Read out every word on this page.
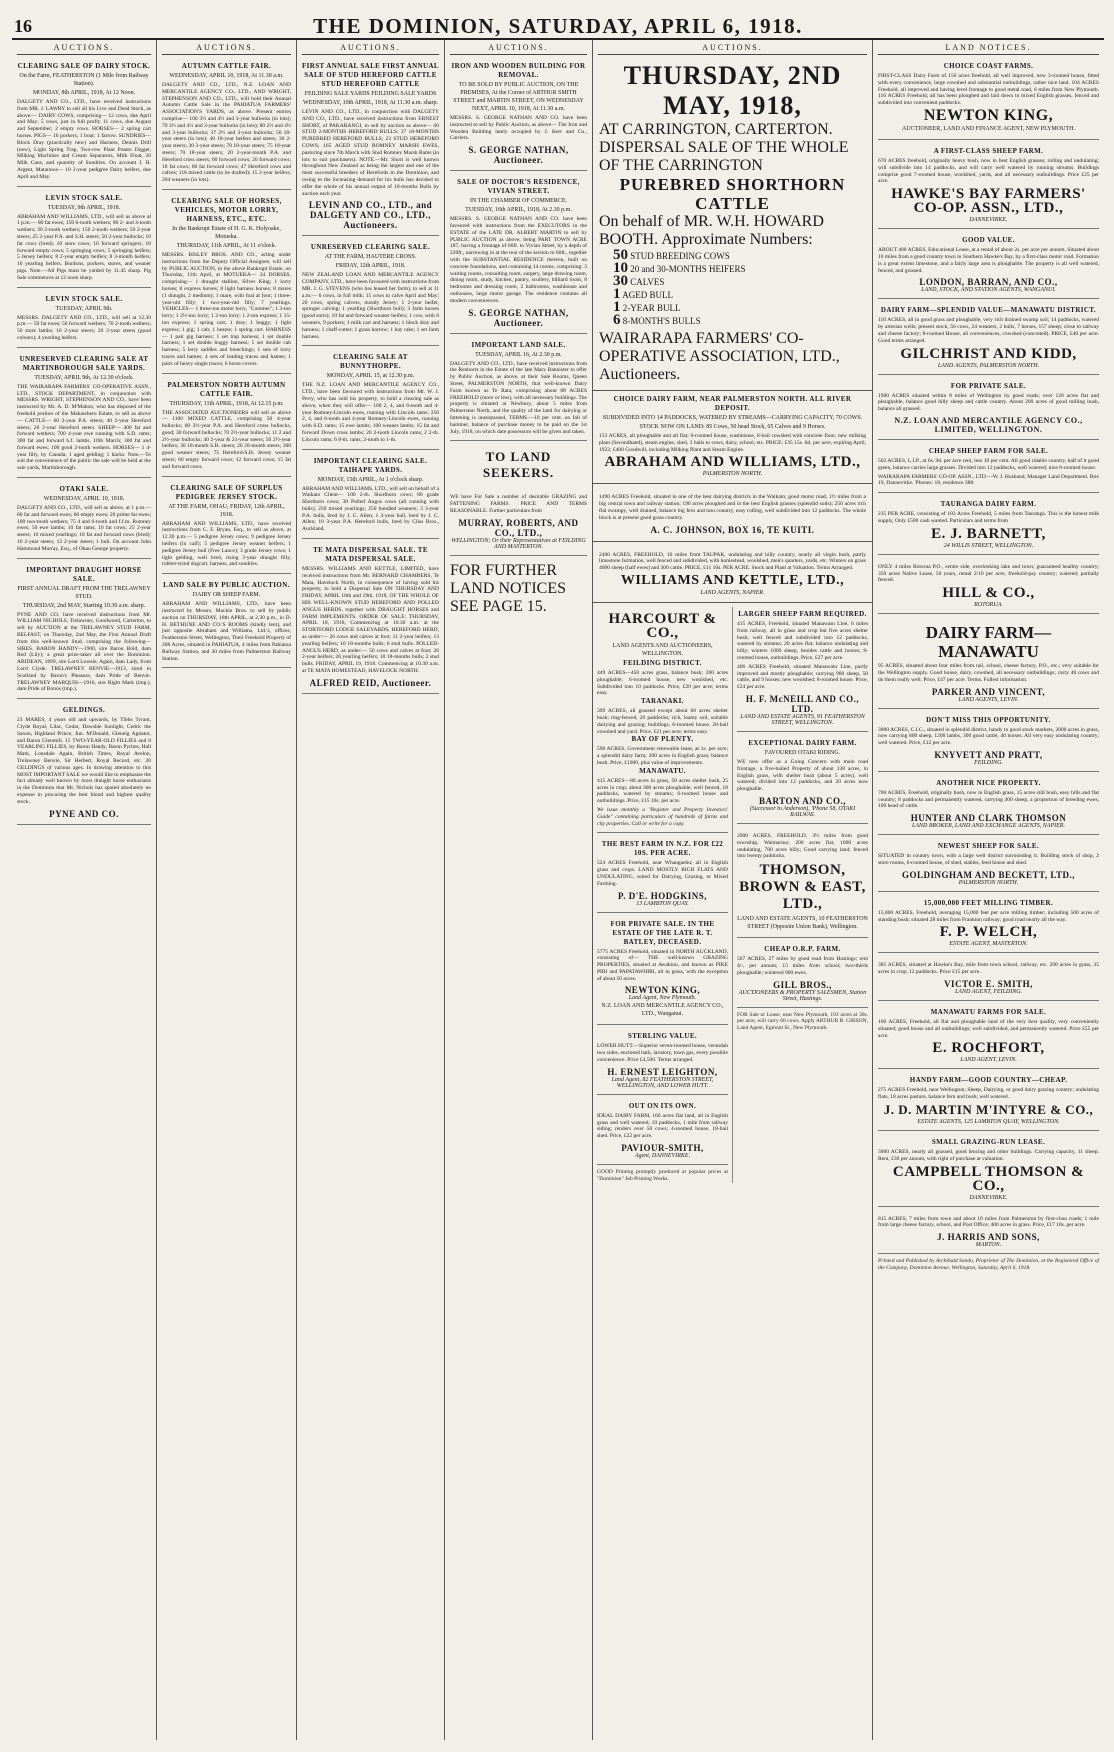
16	THE DOMINION, SATURDAY, APRIL 6, 1918.
AUCTIONS.
CLEARING SALE OF DAIRY STOCK.
On the Farm, FEATHERSTON (1 Mile from Railway Station).
MONDAY, 8th APRIL, 1918, At 12 Noon.
DALGETY AND CO., LTD., have received instructions from MR. J. LAWRY to sell all his Live and Dead Stock, as above:— DAIRY COWS, comprising— 12 cows, due April and May; 5 cows, just in full profit; 11 cows, due August and September; 2 empty cows. HORSES— 2 spring cart horses. PIGS— 16 porkers; 1 boar; 1 farrow. SUNDRIES— Block Dray (practically new) and Harness, Dennis Drill (new), Light Spring Trap, Two-row Plant Potato Digger, Milking Machines and Cream Separators, Milk Float, 20 Milk Cans, and quantity of Sundries. On account J. H. Argent, Matarawa— 10 2-year pedigree Dairy heifers, due April and May.
LEVIN STOCK SALE.
TUESDAY, 9th APRIL, 1918.
ABRAHAM AND WILLIAMS, LTD., will sell as above at 1 p.m.— 80 fat ewes; 150 6-tooth wethers; 80 2- and 4-tooth wethers; 30 2-tooth wethers; 150 2-tooth wethers; 50 2-year steers; 25 2-year P.A. and S.H. steers; 50 2-year bullocks; 10 fat cows (bred); 10 store cows; 10 forward springers; 10 forward empty cows; 5 springing cows; 5 springing heifers; 5 Jersey heifers; 8 2-year empty heifers; 8 3-month heifers; 10 yearling heifers. Bonfons, porkers, stores, and weaner pigs. Note.—All Pigs must be yarded by 11.45 sharp. Pig Sale commences at 12 noon sharp.
LEVIN STOCK SALE.
TUESDAY, APRIL 9th.
MESSRS. DALGETY AND CO., LTD., will sell at 12.30 p.m.— 50 fat ewes; 50 forward wethers; 70 2-tooth wethers; 50 store lambs; 16 2-year steers; 20 2-year steers (good colours); 4 yearling heifers.
UNRESERVED CLEARING SALE AT MARTINBOROUGH SALE YARDS.
TUESDAY, APRIL 9th, At 12.30 o'clock.
THE WAIRARAPA FARMERS' CO-OPERATIVE ASSN., LTD., STOCK DEPARTMENT, in conjunction with MESSRS. WRIGHT, STEPHENSON AND CO., have been instructed by Mr. A. D. M'Mahon, who has disposed of the freehold portion of the Makawhero Estate, to sell as above— CATTLE— 60 2-year P.A. steers; 40 2-year Hereford steers; 20 2-year Hereford steers. SHEEP— 400 fat and forward wethers; 700 4-year ewe running with S.D. rams; 300 fat and forward h.f. lambs, 10th March; 300 fat and forward ewes; 100 good 2-tooth wethers. HORSES— 1 4-year filly, by Canada; 1 aged gelding; 1 hacks. Note.—To suit the convenience of the public the sale will be held at the sale yards, Martinborough.
OTAKI SALE.
WEDNESDAY, APRIL 10, 1918.
DALGETY AND CO., LTD., will sell as above, at 1 p.m.— 60 fat and forward ewes; 60 empty ewes; 20 prime fat ewes; 100 two-tooth wethers; 75 4 and 6-tooth and f.f.m. Romney ewes; 50 ewe lambs; 10 fat rams; 10 fat cows; 25 2-year steers; 10 mixed yearlings; 10 fat and forward cows (bred); 10 2-year steers; 12 2-year steers; 1 bull. On account John Hammond Murray, Esq., of Ohau George property.
IMPORTANT DRAUGHT HORSE SALE.
FIRST ANNUAL DRAFT FROM THE TRELAWNEY STUD.
THURSDAY, 2nd MAY, Starting 10.30 a.m. sharp.
PYNE AND CO. have received instructions from Mr. WILLIAM NICHOLS, Trelawney, Goodwood, Carterton, to sell by AUCTION at the TRELAWNEY STUD FARM, BELFAST, on Thursday, 2nd May, the First Annual Draft from this well-known Stud, comprising the following— SIRES. BARON HANDY—1900, sire Baron Bold, dam Red (Lily); a great prize-taker all over the Dominion. ABIDEAN, 1899, sire Lord Lowsie; Again, dam Lady, from Lord Clyde. TRELAWNEY BENVIE—1913, sired in Scotland by Baron's Pleasure, dam Pride of Benvie. TRELAWNEY MARQUIS—1916, sire Right Mark (imp.), dam Pride of Bonos (imp.).
GELDINGS.
23 MARES, 4 years old and upwards, by Tibbs Tyrant, Clyde Royal, Lilac, Cedar, Dawshie Sunlight, Cedric the Saxon, Highland Prince, Jun. M'Donald, Glenelg Agitator, and Baron Glenmill. 15 TWO-YEAR-OLD FILLIES and 8 YEARLING FILLIES, by Baron Handy, Baron Pyrites, Hall Mark, Lonsdale Again, British Times, Royal Avelon, Trelawney Benvie, Sir Herbert, Royal Record, etc. 20 GELDINGS of various ages. In drawing attention to this MOST IMPORTANT SALE we would like to emphasise the fact already well known by most draught horse enthusiasts in the Dominion that Mr. Nichols has spared absolutely no expense in procuring the best blood and highest quality stock.
PYNE AND CO.
AUCTIONS.
AUTUMN CATTLE FAIR.
WEDNESDAY, APRIL 10, 1918, At 11.30 a.m.
DALGETY AND CO., LTD., N.Z. LOAN AND MERCANTILE AGENCY CO., LTD., AND WRIGHT, STEPHENSON AND CO., LTD., will hold their Annual Autumn Cattle Sale in the PAHIATUA FARMERS' ASSOCIATION'S YARDS, as above. Present entries comprise— 100 3½ and 4½ and 3-year bullocks (in lots); 70 3½ and 4½ and 3-year bullocks (in lots); 80 2½ and 4½ and 3-year bullocks; 37 2½ and 3-year bullocks; 50 18-year steers (in lots); 40 18-year heifers and steers; 30 2-year steers; 30 3-year steers; 70 18-year steers; 75 18-year steers; 70 18-year steers; 20 2-year-month P.A. and Hereford cross steers; 60 forward cows; 20 forward cows; 18 fat cows; 60 fat forward cows; 47 Hereford cows and calves; 116 mixed cattle (to be drafted); 15 2-year heifers; 204 weaners (in lots).
CLEARING SALE OF HORSES, VEHICLES, MOTOR LORRY, HARNESS, ETC., ETC.
In the Bankrupt Estate of H. G. K. Holyoake, Motueka.
THURSDAY, 11th APRIL, At 11 o'clock.
MESSRS. BISLEY BROS. AND CO., acting under instructions from the Deputy Official Assignee, will sell by PUBLIC AUCTION, in the above Bankrupt Estate, on Thursday, 11th April, at MOTUEKA— 34 DORSES, comprising— 1 draught stallion, Silver King; 1 lorry horses; 8 express horses; 8 light harness horses; 8 mares (1 draught, 2 medium); 1 mare, with foal at foot; 1 three-year-old filly; 1 two-year-old filly; 7 yearlings. VEHICLES— 1 three-ton motor lorry, "Commer"; 1 3-ton lorry; 1 2½-ton lorry; 1 2-ton lorry; 1 2-ton express; 1 15-ton express; 1 spring cart; 1 dray; 1 buggy; 1 light express; 1 gig; 1 cab; 1 hearse; 1 spring cart. HARNESS— 1 pair gig harness; 1 set trap harness; 1 set double harness; 1 set double buggy harness; 1 set double cab harness; 5 lorry saddles and breechings; 1 sets of lorry traces and hames; 4 sets of leading traces and hames; 1 pairs of heavy single traces; 6 horse covers.
PALMERSTON NORTH AUTUMN CATTLE FAIR.
THURSDAY, 11th APRIL, 1918, At 12.15 p.m.
THE ASSOCIATED AUCTIONEERS will sell as above— 1100 MIXED CATTLE, comprising 50 4-year bullocks; 60 3½-year P.A. and Hereford cross bullocks, good; 30 forward bullocks; 70 2½-year bullocks; 11 2 and 2½-year bullocks; 40 2-year & 21-year steers; 50 2½-year heifers; 30 18-month S.H. steers; 20 20-month steers; 300 good weaner steers; 75 Hereford-S.H. Jersey weaner steers; 60 empty forward cows; 12 forward cows; 15 fat and forward cows.
CLEARING SALE OF SURPLUS PEDIGREE JERSEY STOCK.
AT THE FARM, OHAU, FRIDAY, 12th APRIL, 1918.
ABRAHAM AND WILLIAMS, LTD., have received instructions from C. F. Bryan, Esq., to sell as above, at 12.30 p.m.— 5 pedigree Jersey cows; 9 pedigree Jersey heifers (in calf); 5 pedigree Jersey weaner heifers; 1 pedigree Jersey bull (Free Lance); 3 grade Jersey cows; 1 light gelding, well bred, rising 3-year draught filly, rubber-tyred dogcart, harness, and sundries.
LAND SALE BY PUBLIC AUCTION.
DAIRY OR SHEEP FARM.
ABRAHAM AND WILLIAMS, LTD., have been instructed by Messrs. Mackie Bros. to sell by public auction on THURSDAY, 18th APRIL, at 2.30 p.m., in D. H. BETHUNE AND CO.'S ROOMS (kindly lent), and just opposite Abraham and Williams, Ltd.'s, offices, Featherston Street, Wellington, Their Freehold Property of 208 Acres, situated in PAHIATUA, 4 miles from Pahiatua Railway Station, and 30 miles from Palmerston Railway Station.
AUCTIONS.
FIRST ANNUAL SALE FIRST ANNUAL SALE OF STUD HEREFORD CATTLE STUD HEREFORD CATTLE
FEILDING SALE YARDS FEILDING SALE YARDS
WEDNESDAY, 10th APRIL, 1918, At 11.30 a.m. sharp.
LEVIN AND CO., LTD., in conjunction with DALGETY AND CO., LTD., have received instructions from ERNEST SHORT, of PAKARANGI, to sell by auction as above— 60 STUD 2-MONTHS HEREFORD BULLS; 37 18-MONTHS PUREBRED HEREFORD BULLS; 23 STUD HEREFORD COWS; 165 AGED STUD ROMNEY MARSH EWES, pasturing since 7th March with Stud Romney Marsh Rams (in lots to suit purchasers). NOTE.—Mr. Short is well known throughout New Zealand as being the largest and one of the most successful breeders of Herefords in the Dominion, and owing to the increasing demand for his bulls has decided to offer the whole of his annual output of 18-months Bulls by auction each year.
LEVIN AND CO., LTD., and DALGETY AND CO., LTD., Auctioneers.
UNRESERVED CLEARING SALE.
AT THE FARM, HAUTERE CROSS.
FRIDAY, 12th APRIL, 1918.
NEW ZEALAND LOAN AND MERCANTILE AGENCY COMPANY, LTD., have been favoured with instructions from MR. J. G. STEVENS (who has leased her farm), to sell at 11 a.m.— 6 cows, in full milk; 15 cows to calve April and May; 20 cows, spring calvers, mostly Jersey; 1 2-year heifer, springer calving; 1 yearling (Shorthorn bull); 3 farm horses (good sorts); 10 fat and forward weaner heifers; 1 cow, with 8 weaners, 9 porkers; 1 milk cart and harness; 1 block dray and harness; 1 chaff-cutter; 1 grass harrow; 1 hay rake; 1 set farm harness.
CLEARING SALE AT BUNNYTHORPE.
MONDAY, APRIL 15, at 12.30 p.m.
THE N.Z. LOAN AND MERCANTILE AGENCY CO., LTD., have been favoured with instructions from Mr. W. J. Perry, who has sold his property, to hold a clearing sale as above, when they will offer— 100 2, 4, and 6-tooth and 4-year Romney-Lincoln ewes, running with Lincoln rams; 250 2, 4, and 6-tooth and 4-year Romney-Lincoln ewes, running with S.D. rams; 15 ewe lambs; 100 weaner lambs; 15 fat and forward Down cross lambs; 20 2-tooth Lincoln rams; 2 2-th. Lincoln rams; 6 8-th. rams, 2-tooth to 1-th.
IMPORTANT CLEARING SALE. TAIHAPE YARDS.
MONDAY, 15th APRIL, At 1 o'clock sharp.
ABRAHAM AND WILLIAMS, LTD., will sell on behalf of a Waikato Client— 100 2-th. Shorthorn cows; 80 grade Shorthorn cows; 30 Polled Angus cows (all running with bulls); 250 mixed yearlings; 250 bundled weaners; 3 3-year P.A. bulls, bred by J. C. Allen; 1 3-year bull, bred by J. C. Allen; 10 3-year P.A. Hereford bulls, bred by Cliss Bros., Auckland.
TE MATA DISPERSAL SALE. TE MATA DISPERSAL SALE.
MESSRS. WILLIAMS AND KETTLE, LIMITED, have received instructions from Mr. BERNARD CHAMBERS, Te Mata, Havelock North, in consequence of having sold his property, to hold a Dispersal Sale ON THURSDAY AND FRIDAY, APRIL 18th and 19th, 1918, OF THE WHOLE OF HIS WELL-KNOWN STUD HEREFORD AND POLLED ANGUS HERDS, together with DRAUGHT HORSES and FARM IMPLEMENTS. ORDER OF SALE: THURSDAY, APRIL 18, 1918, Commencing at 10.30 a.m. at the STORTFORD LODGE SALEYARDS, HEREFORD HERD, as under:— 26 cows and calves at foot; 11 2-year heifers; 13 yearling heifers; 10 18-months bulls; 6 stud bulls. POLLED-ANGUS HERD, as under:— 50 cows and calves at foot; 26 2-year heifers; 26 yearling heifers; 10 18-months bulls; 2 stud bulls. FRIDAY, APRIL 19, 1918. Commencing at 10.30 a.m. at TE MATA HOMESTEAD, HAVELOCK NORTH.
ALFRED REID, Auctioneer.
AUCTIONS.
IRON AND WOODEN BUILDING FOR REMOVAL.
TO BE SOLD BY PUBLIC AUCTION, ON THE PREMISES, At the Corner of ARTHUR SMITH STREET and MARTIN STREET, ON WEDNESDAY NEXT, APRIL 10, 1918, At 11.30 a.m.
MESSRS. S. GEORGE NATHAN AND CO. have been instructed to sell by Public Auction, as above— The Iron and Wooden Building lately occupied by J. Kerr and Co., Carriers.
S. GEORGE NATHAN, Auctioneer.
SALE OF DOCTOR'S RESIDENCE, VIVIAN STREET.
IN THE CHAMBER OF COMMERCE.
TUESDAY, 16th APRIL, 1918, At 2.30 p.m.
MESSRS. S. GEORGE NATHAN AND CO. have been favoured with instructions from the EXECUTORS in the ESTATE of the LATE DR. ALBERT MARTIN to sell by PUBLIC AUCTION as above, being PART TOWN ACRE 187, having a frontage of 66ft. to Vivian Street, by a depth of 220ft., narrowing in at the rear of the section to 60ft., together with the SUBSTANTIAL RESIDENCE thereon, built on concrete foundations, and containing 14 rooms, comprising: 3 waiting rooms, consulting room, surgery, large drawing room, dining room, study, kitchen, pantry, scullery, billiard room, 8 bedrooms and dressing room, 2 bathrooms, washhouse and outhouses, large motor garage. The residence contains all modern conveniences.
S. GEORGE NATHAN, Auctioneer.
IMPORTANT LAND SALE.
TUESDAY, APRIL 16, At 2.30 p.m.
DALGETY AND CO., LTD., have received instructions from the Renborrs in the Estate of the late Mary Bannister to offer by Public Auction, as above, at their Sale Rooms, Queen Street, PALMERSTON NORTH, that well-known Dairy Farm known as Te Rata, comprising about 88 ACRES FREEHOLD (more or less), with all necessary buildings. The property is situated at Newbury, about 5 miles from Palmerston North, and the quality of the land for dairying or fattening is unsurpassed. TERMS.—10 per cent. on fall of hammer, balance of purchase money to be paid on the 1st July, 1918, on which date possession will be given and taken.
TO LAND SEEKERS.
WE have For Sale a number of desirable GRAZING and FATTENING FARMS. PRICE AND TERMS REASONABLE. Further particulars from
MURRAY, ROBERTS, AND CO., LTD.,
WELLINGTON; Or their Representatives at FEILDING AND MASTERTON.
FOR FURTHER LAND NOTICES SEE PAGE 15.
AUCTIONS.
THURSDAY, 2ND MAY, 1918,
AT CARRINGTON, CARTERTON.
DISPERSAL SALE OF THE WHOLE OF THE CARRINGTON
PUREBRED SHORTHORN CATTLE
On behalf of MR. W.H. HOWARD BOOTH. Approximate Numbers:
50 STUD BREEDING COWS
10 20 and 30-MONTHS HEIFERS
30 CALVES
1 AGED BULL
1 2-YEAR BULL
6 8-MONTH'S BULLS
WAIRARAPA FARMERS' CO-OPERATIVE ASSOCIATION, LTD., Auctioneers.
CHOICE DAIRY FARM, NEAR PALMERSTON NORTH. ALL RIVER DEPOSIT.
SUBDIVIDED INTO 14 PADDOCKS, WATERED BY STREAMS—CARRYING CAPACITY, 70 COWS.
STOCK NOW ON LAND: 85 Cows, 50 head Stock, 65 Calves and 9 Horses.
153 ACRES, all ploughable and all flat; 6-roomed house, washhouse, 8-bail cowshed with concrete floor, new milking plant (Secondhand), steam engine, shed, 3 bails to cows, dairy, school, etc. PRICE: £35 15s. 6d. per acre, expiring April, 1922; £400 Goodwill, including Milking Plant and Steam Engine.
ABRAHAM AND WILLIAMS, LTD.,
PALMERSTON NORTH.
1490 ACRES Freehold, situated in one of the best dairying districts in the Waikato; good motor road; 1½ miles from a big central town and railway station; 190 acres ploughed and in the best English grasses (splendid soils); 250 acres rich flat swampy, well drained, balance big fern and tutu country, easy rolling, well subdivided into 12 paddocks. The whole block is at present good grass country.
A. C. JOHNSON, BOX 16, TE KUITI.
2400 ACRES, FREEHOLD, 10 miles from TAUPAK, undulating and hilly country, nearly all virgin bush, partly limestone formation, well fenced and subdivided, with homestead, woolshed, men's quarters, yards, etc. Winters on grass 4000 sheep (half ewes) and 300 cattle. PRICE, £11 10s. PER ACRE. Stock and Plant at Valuation. Terms Arranged.
WILLIAMS AND KETTLE, LTD.,
LAND AGENTS, NAPIER.
HARCOURT & CO.,
LAND AGENTS AND AUCTIONEERS, WELLINGTON.
FEILDING DISTRICT.
449 ACRES—450 acres grass, balance bush; 200 acres ploughable; 6-roomed house, new woolshed, etc. Subdivided into 10 paddocks. Price, £20 per acre; terms easy.
TARANAKI.
399 ACRES, all grassed except about 60 acres shelter bush; ring-fenced, 20 paddocks; rich, loamy soil, suitable dairying and grazing; buildings, 6-roomed house, 20-bail cowshed and yard. Price, £21 per acre; terms easy.
BAY OF PLENTY.
590 ACRES, Government renewable lease, at 1s. per acre; a splendid dairy farm; 200 acres in English grass; balance bush. Price, £1000, plus value of improvements.
MANAWATU.
415 ACRES—80 acres in grass, 50 acres shelter bush, 25 acres in crop; about 300 acres ploughable, well fenced, 18 paddocks, watered by streams; 6-roomed house and outbuildings. Price, £15 10s. per acre.
We issue monthly a "Register and Property Investors' Guide" containing particulars of hundreds of farms and city properties. Call or write for a copy.
THE BEST FARM IN N.Z. FOR £22 10S. PER ACRE.
524 ACRES Freehold, near Whangaehu; all in English grass and crops. LAND MOSTLY RICH FLATS AND UNDULATING, suited for Dairying, Grazing, or Mixed Farming.
P. D'E. HODGKINS,
13 LAMBTON QUAY.
FOR PRIVATE SALE. IN THE ESTATE OF THE LATE R. T. BATLEY, DECEASED.
5775 ACRES Freehold, situated in NORTH AUCKLAND, consisting of— THE well-known GRAZING PROPERTIES, situated at Awakino, and known as PIKE PIRI and PAPATAWHIRI, all in grass, with the exception of about 50 acres.
NEWTON KING,
Land Agent, New Plymouth.
N.Z. LOAN AND MERCANTILE AGENCY CO., LTD., Wanganui.
STERLING VALUE.
LOWER HUTT.—Superior seven-roomed house, verandah two sides, enclosed bath, lavatory, town gas, every possible convenience. Price £4,500. Terms arranged.
H. ERNEST LEIGHTON,
Land Agent, 82 FEATHERSTON STREET, WELLINGTON, AND LOWER HUTT.
OUT ON ITS OWN.
IDEAL DAIRY FARM, 160 acres flat land, all in English grass and well watered, 10 paddocks, 1 mile from railway siding; renders over 50 cows; 4-roomed house, 18-bail shed. Price, £22 per acre.
PAVIOUR-SMITH,
Agent, DANNEVIRKE.
GOOD Printing promptly produced at popular prices at "Dominion" Job Printing Works.
LARGER SHEEP FARM REQUIRED.
415 ACRES, Freehold, situated Manawatu Line, 6 miles from railway, all in grass and crop but five acres shelter bush; well fenced and subdivided into 12 paddocks, watered by streams; 20 acres flat; balance undulating and hilly; winters 1000 sheep, besides cattle and horses; 8-roomed house, outbuildings. Price, £27 per acre.
406 ACRES Freehold, situated Manawatu Line, partly improved and mostly ploughable; carrying 900 sheep, 50 cattle, and 9 horses; new woolshed; 8-roomed house. Price, £24 per acre.
H. F. McNEILL AND CO., LTD.
LAND AND ESTATE AGENTS, 91 FEATHERSTON STREET, WELLINGTON.
EXCEPTIONAL DAIRY FARM.
FAVOURED OTAKI RIDING.
WE now offer as a Going Concern with main road frontage, a five-bailed Property of about 138 acres, in English grass, with shelter bush (about 5 acres), well watered; divided into 12 paddocks, and 20 acres now ploughable.
BARTON AND CO.,
(Successor to Anderson), 'Phone 58, OTAKI RAILWAY.
2900 ACRES, FREEHOLD, 3½ miles from good township, Waimarino; 200 acres flat, 1000 acres undulating, 700 acres hilly; Good carrying land; fenced into twenty paddocks.
THOMSON, BROWN & EAST, LTD.,
LAND AND ESTATE AGENTS, 10 FEATHERSTON STREET (Opposite Union Bank), Wellington.
CHEAP O.R.P. FARM.
567 ACRES, 27 miles by good road from Hastings; rent 4/-, per annum; 15 miles from school; two-thirds ploughable; wintered 900 ewes.
GILL BROS.,
AUCTIONEERS & PROPERTY SALESMEN, Station Street, Hastings.
FOR Sale or Lease, near New Plymouth, 193 acres at 30s. per acre, will carry 60 cows. Apply ARTHUR B. GIBSON, Land Agent, Egmont St., New Plymouth.
LAND NOTICES.
CHOICE COAST FARMS.
FIRST-CLASS Dairy Farm of 150 acres freehold, all well improved, new 3-roomed house, fitted with every convenience, large cowshed and substantial outbuildings, rather nice land. 104 ACRES Freehold, all improved and having level frontage to good metal road, 6 miles from New Plymouth. 116 ACRES Freehold, all has been ploughed and laid down in mixed English grasses, fenced and subdivided into convenient paddocks.
NEWTON KING,
AUCTIONEER, LAND AND FINANCE AGENT, NEW PLYMOUTH.
A FIRST-CLASS SHEEP FARM.
670 ACRES freehold, originally heavy bush, now in best English grasses; rolling and undulating; will subdivide into 14 paddocks, and will carry well watered by running streams. Buildings comprise good 7-roomed house, woolshed, yards, and all necessary outbuildings. Price £25 per acre.
HAWKE'S BAY FARMERS' CO-OP. ASSN., LTD.,
DANNEVIRKE.
GOOD VALUE.
ABOUT 400 ACRES, Educational Lease, at a rental of about 2s. per acre per annum. Situated about 10 miles from a good country town in Southern Hawke's Bay, by a first-class motor road. Formation is a great extent limestone, and a fairly large area is ploughable. The property is all well watered, fenced, and grassed.
LONDON, BARRAN, AND CO.,
LAND, STOCK, AND STATION AGENTS, WANGANUI.
DAIRY FARM—SPLENDID VALUE—MANAWATU DISTRICT.
110 ACRES, all in good grass and ploughable, very rich drained swamp soil; 14 paddocks, watered by artesian wells; present stock, 56 cows, 24 weaners, 2 bulls, 7 horses, 157 sheep; close to railway and cheese factory; 8-roomed House, all conveniences, cowshed (concreted). PRICE, £40 per acre. Good terms arranged.
GILCHRIST AND KIDD,
LAND AGENTS, PALMERSTON NORTH.
FOR PRIVATE SALE.
1900 ACRES situated within 8 miles of Wellington by good roads; over 120 acres flat and ploughable, balance good hilly sheep and cattle country. About 200 acres of good milling bush, balance all grassed.
N.Z. LOAN AND MERCANTILE AGENCY CO., LIMITED, WELLINGTON.
CHEAP SHEEP FARM FOR SALE.
502 ACRES, L.I.P., at 6s. 9d. per acre rent, less 10 per cent. All good ridable country, half of it good green, balance carries large grasses. Divided into 12 paddocks, well watered; nice 8-roomed house.
WAIRARAPA FARMERS' CO-OP. ASSN., LTD.—W. I. Husband, Manager Land Department. Box 19, Dannevirke. 'Phones: 18, residence 388.
TAURANGA DAIRY FARM.
235 PER ACRE, consisting of 103 Acres Freehold, 5 miles from Tauranga. This is the honest milk supply, Only £500 cash wanted. Particulars and terms from
E. J. BARNETT,
24 WILLIS STREET, WELLINGTON.
ONLY 4 miles Rotorua P.O., centre side, overlooking lake and town; guaranteed healthy country; 350 acres Native Lease, 50 years, rental 2/10 per acre, freehold-pay country; watered; partially fenced.
HILL & CO.,
ROTORUA.
DAIRY FARM—MANAWATU
95 ACRES, situated about four miles from rail, school, cheese factory, P.O., etc.; very suitable for the Wellington supply. Good house, dairy, cowshed, all necessary outbuildings; carry 40 cows and do them really well. Price, £47 per acre. Terms. Fullest information.
PARKER AND VINCENT,
LAND AGENTS, LEVIN.
DON'T MISS THIS OPPORTUNITY.
3000 ACRES, C.I.C., situated in splendid district, handy to good stock markets, 2000 acres in grass, now carrying 800 sheep, 1200 lambs, 300 good cattle, 40 horses. All very easy undulating country; well watered. Price, £12 per acre.
KNYVETT AND PRATT,
FEILDING.
ANOTHER NICE PROPERTY.
700 ACRES, Freehold, originally bush, now in English grass, 15 acres still bush, easy hills and flat country; 8 paddocks and permanently watered, carrying 400 sheep, a proportion of breeding ewes, 100 head of cattle.
HUNTER AND CLARK THOMSON
LAND BROKER, LAND AND EXCHANGE AGENTS, NAPIER.
NEWEST SHEEP FOR SALE.
SITUATED in country town, with a large well district surrounding it. Building stock of shop, 2 store rooms, 6-roomed house, of shed, stables, feed house and shed.
GOLDINGHAM AND BECKETT, LTD.,
PALMERSTON NORTH.
15,000,000 FEET MILLING TIMBER.
15,000 ACRES, Freehold, averaging 15,000 feet per acre milling timber; including 500 acres of standing bush; situated 28 miles from Frankton railway; good road nearly all the way.
F. P. WELCH,
ESTATE AGENT, MASTERTON.
385 ACRES, situated at Hawke's Bay, mile from town school, railway, etc. 200 acres in grass, 35 acres in crop; 12 paddocks. Price £15 per acre.
VICTOR E. SMITH,
LAND AGENT, FEILDING.
MANAWATU FARMS FOR SALE.
160 ACRES, Freehold, all flat and ploughable land of the very best quality, very conveniently situated; good house and all outbuildings; well subdivided, and permanently watered. Price £55 per acre.
E. ROCHFORT,
LAND AGENT, LEVIN.
HANDY FARM—GOOD COUNTRY—CHEAP.
275 ACRES Freehold, near Wellington; Sheep, Dairying, or good dairy grazing country; undulating flats, 10 acres pasture, balance fern and bush; well watered.
J. D. MARTIN M'INTYRE & CO.,
ESTATE AGENTS, 125 LAMBTON QUAY, WELLINGTON.
SMALL GRAZING-RUN LEASE.
3000 ACRES, nearly all grassed, good fencing and other buildings. Carrying capacity, 11 sheep. Rent, £30 per annum, with right of purchase at valuation.
CAMPBELL THOMSON & CO.,
DANNEVIRKE.
815 ACRES, 7 miles from town and about 10 miles from Palmerston by first-class roads; 1 mile from large cheese factory, school, and Post Office; 400 acres in grass. Price, £17 10s. per acre.
J. HARRIS AND SONS,
MARTON.
Printed and Published by Archibald Sando, Proprietor of The Dominion, at the Registered Office of the Company, Dominion Avenue, Wellington, Saturday, April 6, 1918.
